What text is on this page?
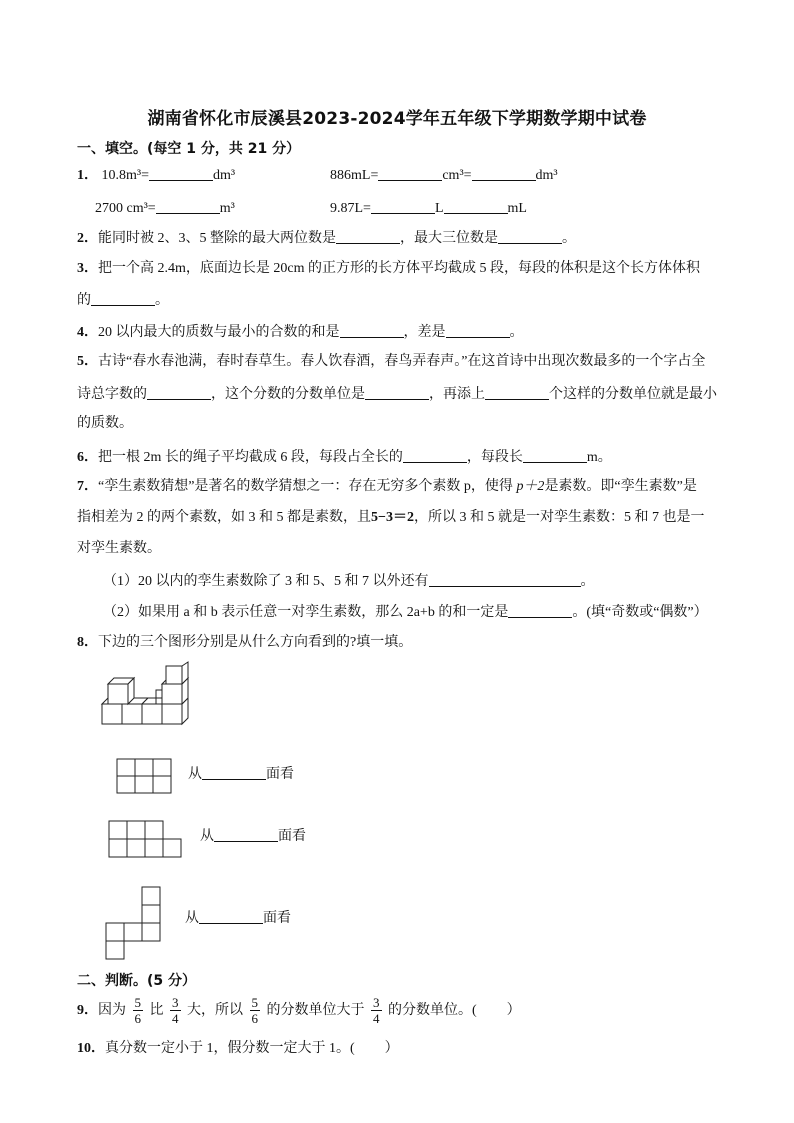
湖南省怀化市辰溪县2023-2024学年五年级下学期数学期中试卷
一、填空。(每空 1 分，共 21 分）
1． 10.8m³=	dm³	886mL=	cm³=	dm³
2700 cm³=	m³	9.87L=	L	mL
2．能同时被 2、3、5 整除的最大两位数是	，最大三位数是	。
3．把一个高 2.4m，底面边长是 20cm 的正方形的长方体平均截成 5 段，每段的体积是这个长方体体积
的	。
4．20 以内最大的质数与最小的合数的和是	，差是	。
5．古诗“春水春池满，春时春草生。春人饮春酒，春鸟弄春声。”在这首诗中出现次数最多的一个字占全
诗总字数的	，这个分数的分数单位是	，再添上	个这样的分数单位就是最小
的质数。
6．把一根 2m 长的绳子平均截成 6 段，每段占全长的	，每段长	m。
7．“孪生素数猜想”是著名的数学猜想之一：存在无穷多个素数 p，使得 p＋2是素数。即“孪生素数”是
指相差为 2 的两个素数，如 3 和 5 都是素数，且5−3＝2，所以 3 和 5 就是一对孪生素数：5 和 7 也是一
对孪生素数。
（1）20 以内的孪生素数除了 3 和 5、5 和 7 以外还有	。
（2）如果用 a 和 b 表示任意一对孪生素数，那么 2a+b 的和一定是	。(填“奇数或“偶数”）
8．下边的三个图形分别是从什么方向看到的?填一填。
从	面看
从	面看
从	面看
二、判断。(5 分）
9．因为 $\frac{5}{6}$ 比 $\frac{3}{4}$ 大，所以 $\frac{5}{6}$ 的分数单位大于 $\frac{3}{4}$ 的分数单位。( ）
10．真分数一定小于 1，假分数一定大于 1。( ）
